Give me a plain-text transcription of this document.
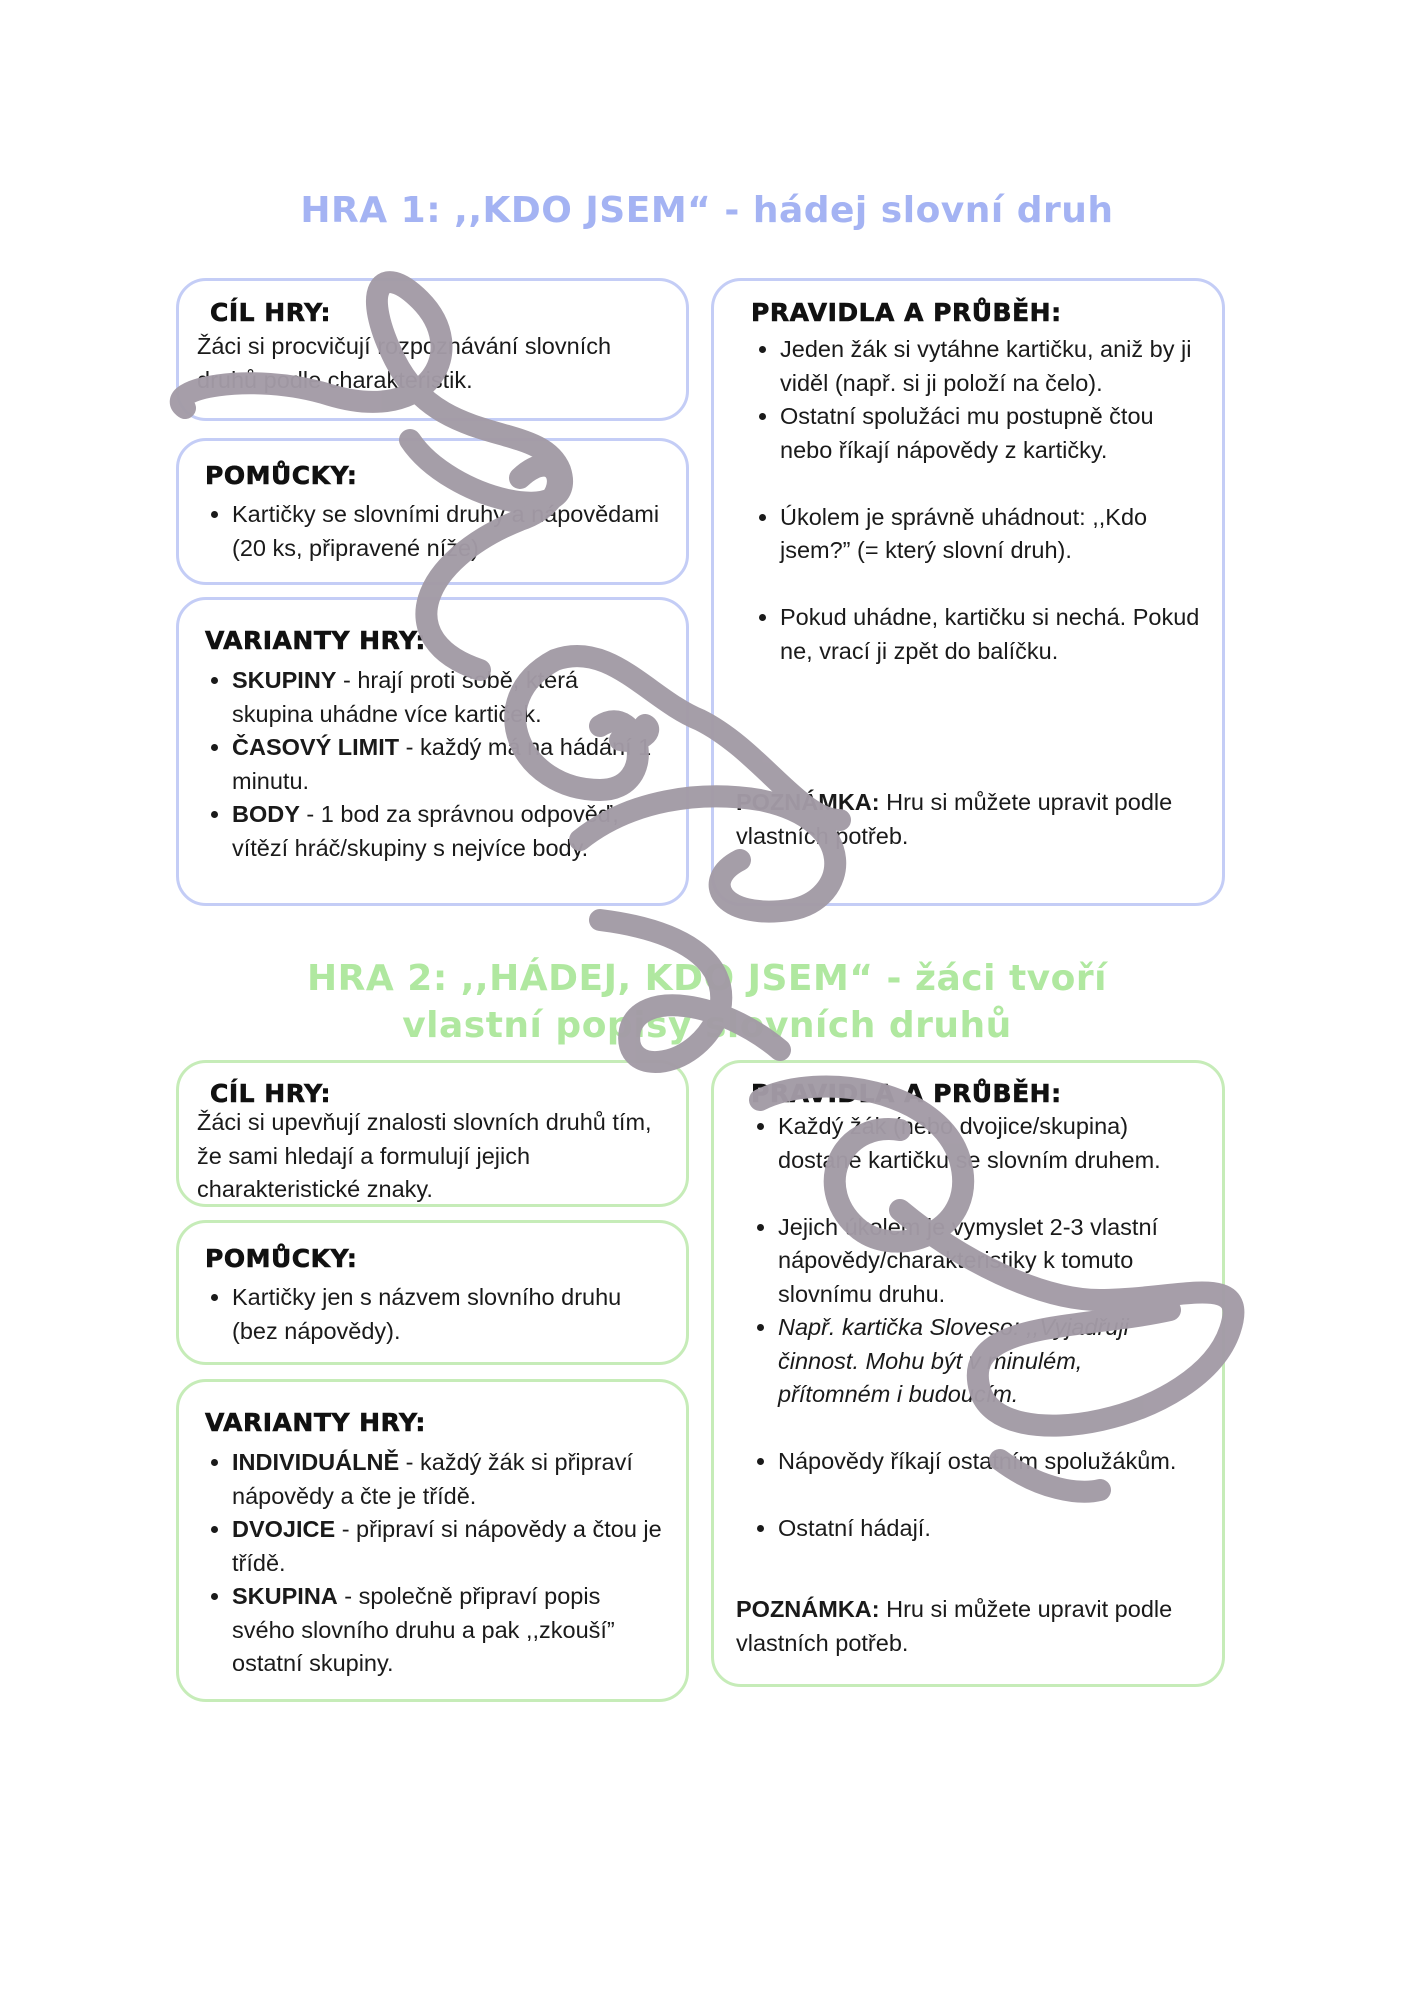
HRA 1: ,,KDO JSEM“ - hádej slovní druh
CÍL HRY:

Žáci si procvičují rozpoznávání slovních druhů podle charakteristik.

POMŮCKY:
• Kartičky se slovními druhy a nápovědami (20 ks, připravené níže)
VARIANTY HRY:
• SKUPINY - hrají proti sobě, která skupina uhádne více kartiček.
• ČASOVÝ LIMIT - každý má na hádání 1 minutu.
• BODY - 1 bod za správnou odpověď, vítězí hráč/skupiny s nejvíce body.
PRAVIDLA A PRŮBĚH:
• Jeden žák si vytáhne kartičku, aniž by ji viděl (např. si ji položí na čelo).
• Ostatní spolužáci mu postupně čtou nebo říkají nápovědy z kartičky.
• Úkolem je správně uhádnout: ,,Kdo jsem?” (= který slovní druh).
• Pokud uhádne, kartičku si nechá. Pokud ne, vrací ji zpět do balíčku.
POZNÁMKA: Hru si můžete upravit podle vlastních potřeb.
HRA 2: ,,HÁDEJ, KDO JSEM“ - žáci tvoří
vlastní popisy slovních druhů
CÍL HRY:

Žáci si upevňují znalosti slovních druhů tím, že sami hledají a formulují jejich charakteristické znaky.

POMŮCKY:
• Kartičky jen s názvem slovního druhu (bez nápovědy).
VARIANTY HRY:
• INDIVIDUÁLNĚ - každý žák si připraví nápovědy a čte je třídě.
• DVOJICE - připraví si nápovědy a čtou je třídě.
• SKUPINA - společně připraví popis svého slovního druhu a pak ,,zkouší” ostatní skupiny.
PRAVIDLA A PRŮBĚH:
• Každý žák (nebo dvojice/skupina) dostane kartičku se slovním druhem.
• Jejich úkolem je vymyslet 2-3 vlastní nápovědy/charakteristiky k tomuto slovnímu druhu.
• Např. kartička Sloveso: ,,Vyjadřuji činnost. Mohu být v minulém, přítomném i budoucím.
• Nápovědy říkají ostatním spolužákům.
• Ostatní hádají.
POZNÁMKA: Hru si můžete upravit podle vlastních potřeb.
